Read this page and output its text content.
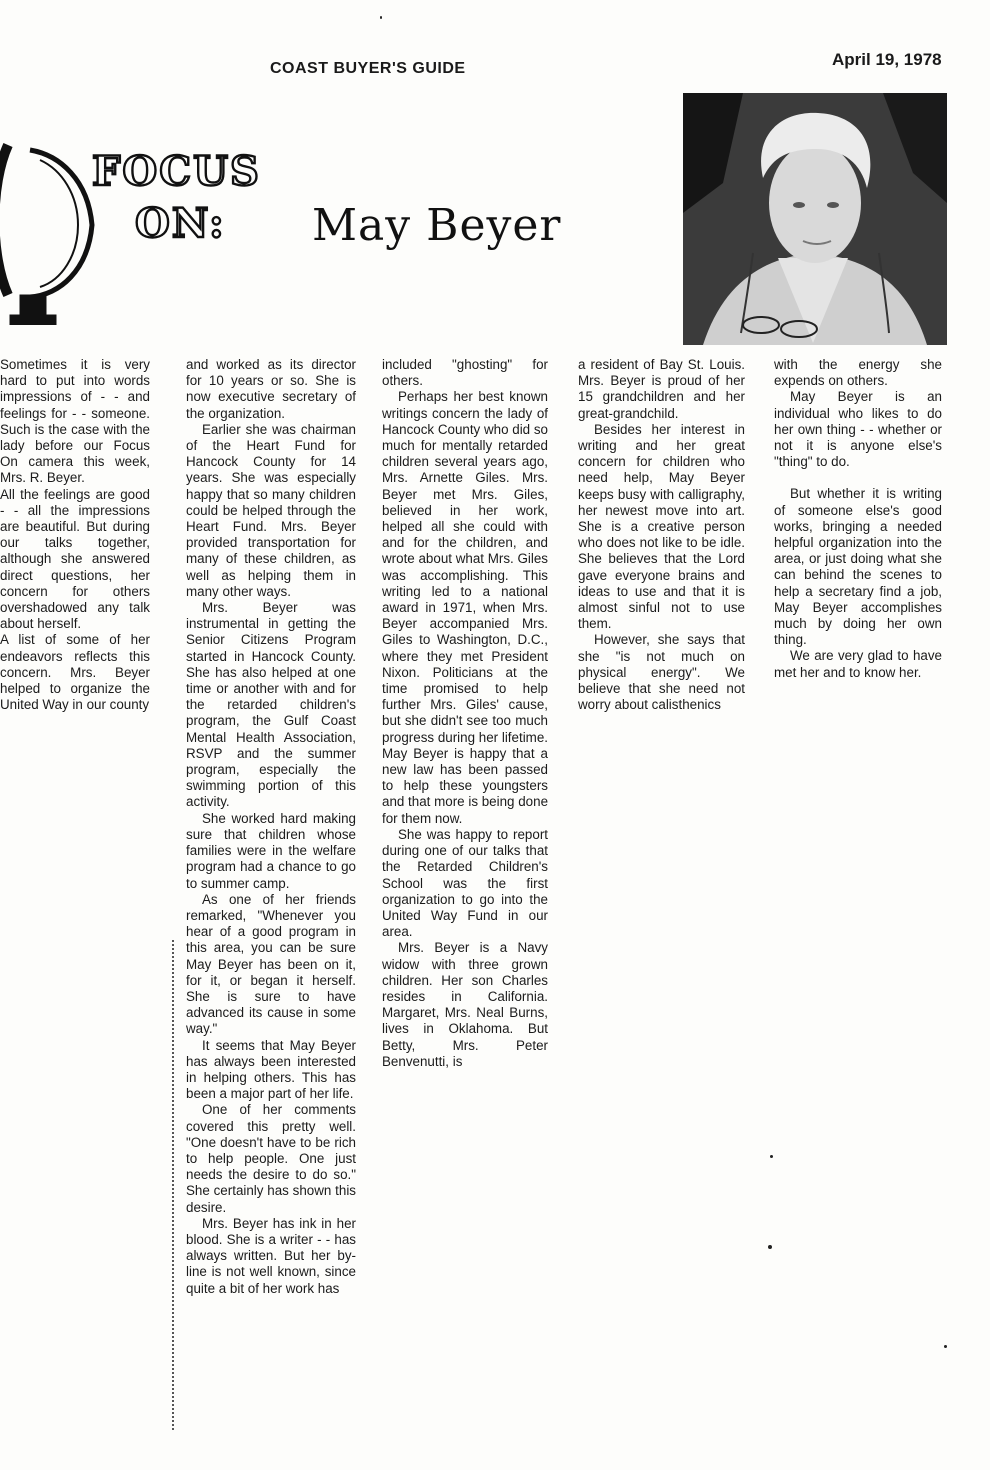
COAST BUYER'S GUIDE	April 19, 1978
FOCUS
ON: May Beyer

Sometimes it is very hard to put into words impressions of - - and feelings for - - someone. Such is the case with the lady before our Focus On camera this week, Mrs. R. Beyer.

All the feelings are good - - all the impressions are beautiful. But during our talks together, although she answered direct questions, her concern for others overshadowed any talk about herself.

A list of some of her endeavors reflects this concern. Mrs. Beyer helped to organize the United Way in our county

and worked as its director for 10 years or so. She is now executive secretary of the organization.

Earlier she was chairman of the Heart Fund for Hancock County for 14 years. She was especially happy that so many children could be helped through the Heart Fund. Mrs. Beyer provided transportation for many of these children, as well as helping them in many other ways.

Mrs. Beyer was instrumental in getting the Senior Citizens Program started in Hancock County. She has also helped at one time or another with and for the retarded children's program, the Gulf Coast Mental Health Association, RSVP and the summer program, especially the swimming portion of this activity.

She worked hard making sure that children whose families were in the welfare program had a chance to go to summer camp.

As one of her friends remarked, "Whenever you hear of a good program in this area, you can be sure May Beyer has been on it, for it, or began it herself. She is sure to have advanced its cause in some way."

It seems that May Beyer has always been interested in helping others. This has been a major part of her life.

One of her comments covered this pretty well. "One doesn't have to be rich to help people. One just needs the desire to do so." She certainly has shown this desire.

Mrs. Beyer has ink in her blood. She is a writer - - has always written. But her by-line is not well known, since quite a bit of her work has

included "ghosting" for others.

Perhaps her best known writings concern the lady of Hancock County who did so much for mentally retarded children several years ago, Mrs. Arnette Giles. Mrs. Beyer met Mrs. Giles, believed in her work, helped all she could with and for the children, and wrote about what Mrs. Giles was accomplishing. This writing led to a national award in 1971, when Mrs. Beyer accompanied Mrs. Giles to Washington, D.C., where they met President Nixon. Politicians at the time promised to help further Mrs. Giles' cause, but she didn't see too much progress during her lifetime. May Beyer is happy that a new law has been passed to help these youngsters and that more is being done for them now.

She was happy to report during one of our talks that the Retarded Children's School was the first organization to go into the United Way Fund in our area.

Mrs. Beyer is a Navy widow with three grown children. Her son Charles resides in California. Margaret, Mrs. Neal Burns, lives in Oklahoma. But Betty, Mrs. Peter Benvenutti, is

a resident of Bay St. Louis. Mrs. Beyer is proud of her 15 grandchildren and her great-grandchild.

Besides her interest in writing and her great concern for children who need help, May Beyer keeps busy with calligraphy, her newest move into art. She is a creative person who does not like to be idle. She believes that the Lord gave everyone brains and ideas to use and that it is almost sinful not to use them.

However, she says that she "is not much on physical energy". We believe that she need not worry about calisthenics

with the energy she expends on others.

May Beyer is an individual who likes to do her own thing - - whether or not it is anyone else's "thing" to do.

But whether it is writing of someone else's good works, bringing a needed helpful organization into the area, or just doing what she can behind the scenes to help a secretary find a job, May Beyer accomplishes much by doing her own thing.

We are very glad to have met her and to know her.
